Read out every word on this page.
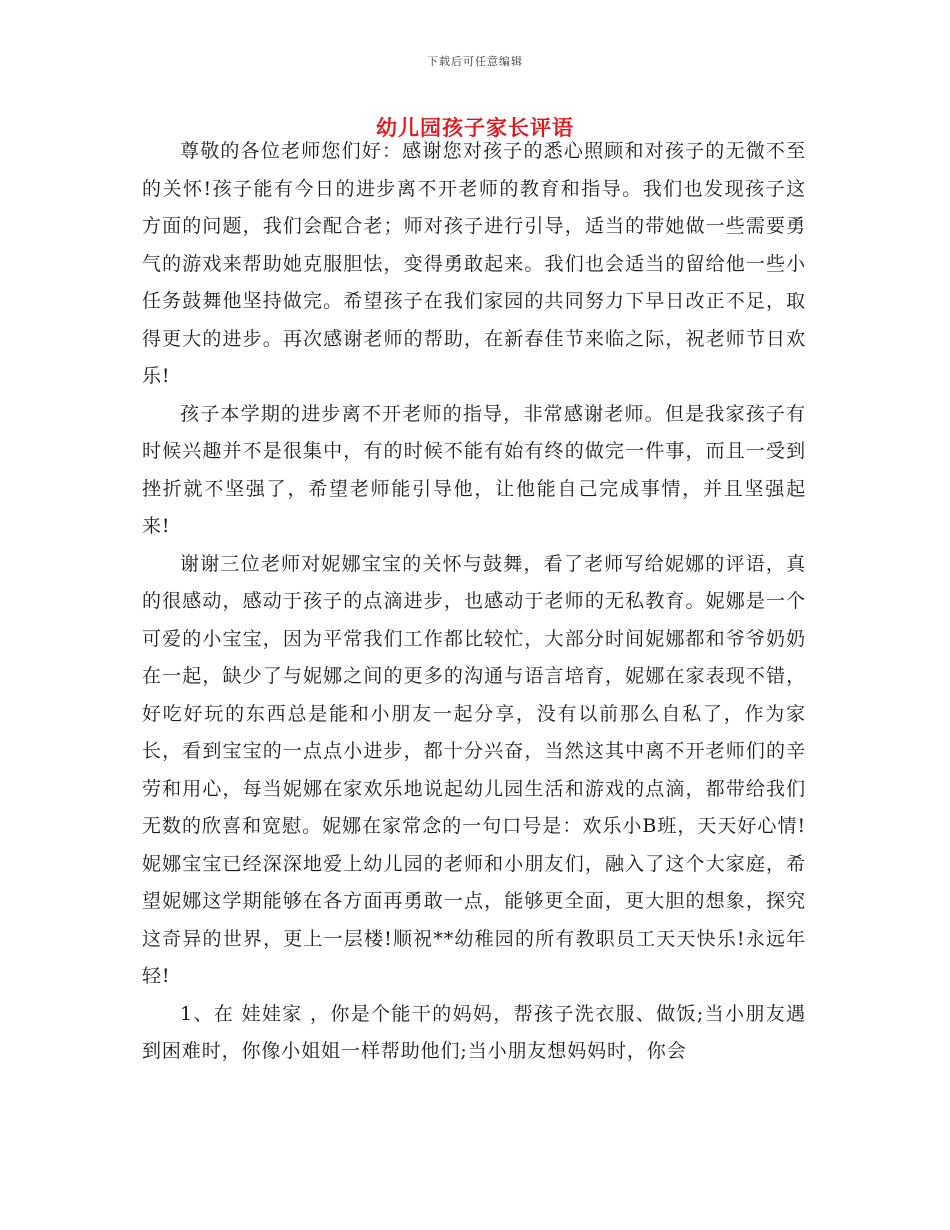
下载后可任意编辑
幼儿园孩子家长评语

尊敬的各位老师您们好：感谢您对孩子的悉心照顾和对孩子的无微不至的关怀!孩子能有今日的进步离不开老师的教育和指导。我们也发现孩子这方面的问题，我们会配合老；师对孩子进行引导，适当的带她做一些需要勇气的游戏来帮助她克服胆怯，变得勇敢起来。我们也会适当的留给他一些小任务鼓舞他坚持做完。希望孩子在我们家园的共同努力下早日改正不足，取得更大的进步。再次感谢老师的帮助，在新春佳节来临之际，祝老师节日欢乐!

孩子本学期的进步离不开老师的指导，非常感谢老师。但是我家孩子有时候兴趣并不是很集中，有的时候不能有始有终的做完一件事，而且一受到挫折就不坚强了，希望老师能引导他，让他能自己完成事情，并且坚强起来!

谢谢三位老师对妮娜宝宝的关怀与鼓舞，看了老师写给妮娜的评语，真的很感动，感动于孩子的点滴进步，也感动于老师的无私教育。妮娜是一个可爱的小宝宝，因为平常我们工作都比较忙，大部分时间妮娜都和爷爷奶奶在一起，缺少了与妮娜之间的更多的沟通与语言培育，妮娜在家表现不错，好吃好玩的东西总是能和小朋友一起分享，没有以前那么自私了，作为家长，看到宝宝的一点点小进步，都十分兴奋，当然这其中离不开老师们的辛劳和用心，每当妮娜在家欢乐地说起幼儿园生活和游戏的点滴，都带给我们无数的欣喜和宽慰。妮娜在家常念的一句口号是：欢乐小B班，天天好心情!妮娜宝宝已经深深地爱上幼儿园的老师和小朋友们，融入了这个大家庭，希望妮娜这学期能够在各方面再勇敢一点，能够更全面，更大胆的想象，探究这奇异的世界，更上一层楼!顺祝**幼稚园的所有教职员工天天快乐!永远年轻!

1、在 娃娃家 ，你是个能干的妈妈，帮孩子洗衣服、做饭;当小朋友遇到困难时，你像小姐姐一样帮助他们;当小朋友想妈妈时，你会
